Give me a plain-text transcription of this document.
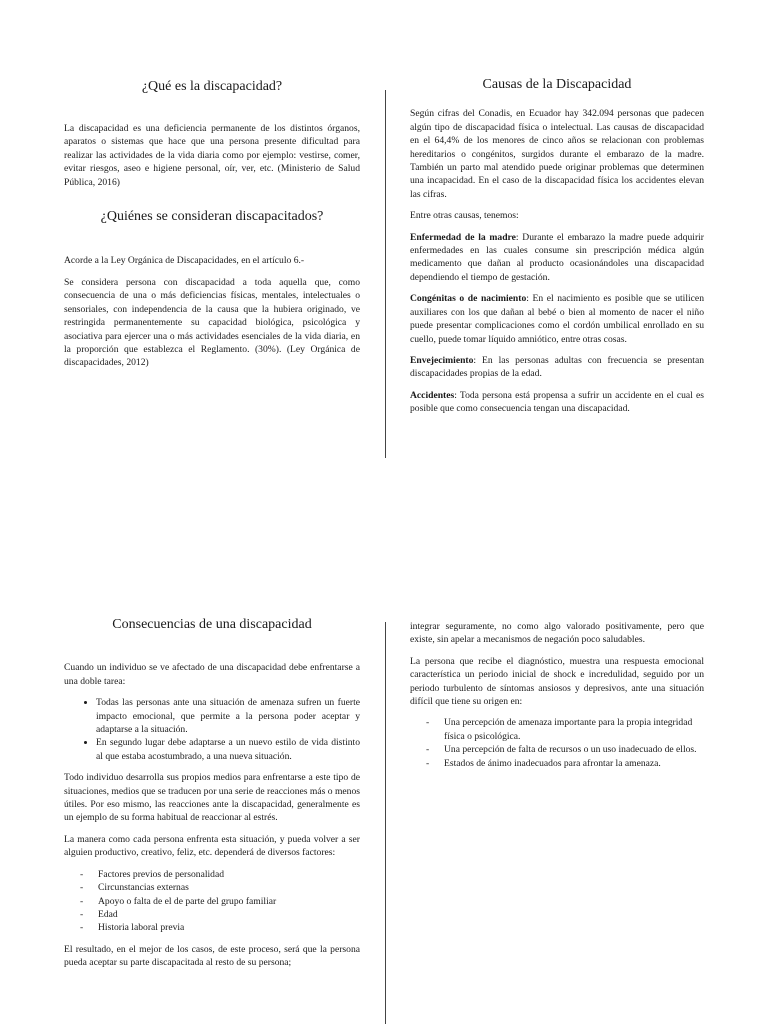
¿Qué es la discapacidad?

La discapacidad es una deficiencia permanente de los distintos órganos, aparatos o sistemas que hace que una persona presente dificultad para realizar las actividades de la vida diaria como por ejemplo: vestirse, comer, evitar riesgos, aseo e higiene personal, oír, ver, etc. (Ministerio de Salud Pública, 2016)

¿Quiénes se consideran discapacitados?

Acorde a la Ley Orgánica de Discapacidades, en el artículo 6.-

Se considera persona con discapacidad a toda aquella que, como consecuencia de una o más deficiencias físicas, mentales, intelectuales o sensoriales, con independencia de la causa que la hubiera originado, ve restringida permanentemente su capacidad biológica, psicológica y asociativa para ejercer una o más actividades esenciales de la vida diaria, en la proporción que establezca el Reglamento. (30%). (Ley Orgánica de discapacidades, 2012)

Causas de la Discapacidad

Según cifras del Conadis, en Ecuador hay 342.094 personas que padecen algún tipo de discapacidad física o intelectual. Las causas de discapacidad en el 64,4% de los menores de cinco años se relacionan con problemas hereditarios o congénitos, surgidos durante el embarazo de la madre. También un parto mal atendido puede originar problemas que determinen una incapacidad. En el caso de la discapacidad física los accidentes elevan las cifras.

Entre otras causas, tenemos:

Enfermedad de la madre: Durante el embarazo la madre puede adquirir enfermedades en las cuales consume sin prescripción médica algún medicamento que dañan al producto ocasionándoles una discapacidad dependiendo el tiempo de gestación.

Congénitas o de nacimiento: En el nacimiento es posible que se utilicen auxiliares con los que dañan al bebé o bien al momento de nacer el niño puede presentar complicaciones como el cordón umbilical enrollado en su cuello, puede tomar líquido amniótico, entre otras cosas.

Envejecimiento: En las personas adultas con frecuencia se presentan discapacidades propias de la edad.

Accidentes: Toda persona está propensa a sufrir un accidente en el cual es posible que como consecuencia tengan una discapacidad.

Consecuencias de una discapacidad

Cuando un individuo se ve afectado de una discapacidad debe enfrentarse a una doble tarea:

• Todas las personas ante una situación de amenaza sufren un fuerte impacto emocional, que permite a la persona poder aceptar y adaptarse a la situación.
• En segundo lugar debe adaptarse a un nuevo estilo de vida distinto al que estaba acostumbrado, a una nueva situación.

Todo individuo desarrolla sus propios medios para enfrentarse a este tipo de situaciones, medios que se traducen por una serie de reacciones más o menos útiles. Por eso mismo, las reacciones ante la discapacidad, generalmente es un ejemplo de su forma habitual de reaccionar al estrés.

La manera como cada persona enfrenta esta situación, y pueda volver a ser alguien productivo, creativo, feliz, etc. dependerá de diversos factores:

- Factores previos de personalidad
- Circunstancias externas
- Apoyo o falta de el de parte del grupo familiar
- Edad
- Historia laboral previa

El resultado, en el mejor de los casos, de este proceso, será que la persona pueda aceptar su parte discapacitada al resto de su persona;

integrar seguramente, no como algo valorado positivamente, pero que existe, sin apelar a mecanismos de negación poco saludables.

La persona que recibe el diagnóstico, muestra una respuesta emocional característica un periodo inicial de shock e incredulidad, seguido por un periodo turbulento de síntomas ansiosos y depresivos, ante una situación difícil que tiene su origen en:

- Una percepción de amenaza importante para la propia integridad física o psicológica.
- Una percepción de falta de recursos o un uso inadecuado de ellos.
- Estados de ánimo inadecuados para afrontar la amenaza.
